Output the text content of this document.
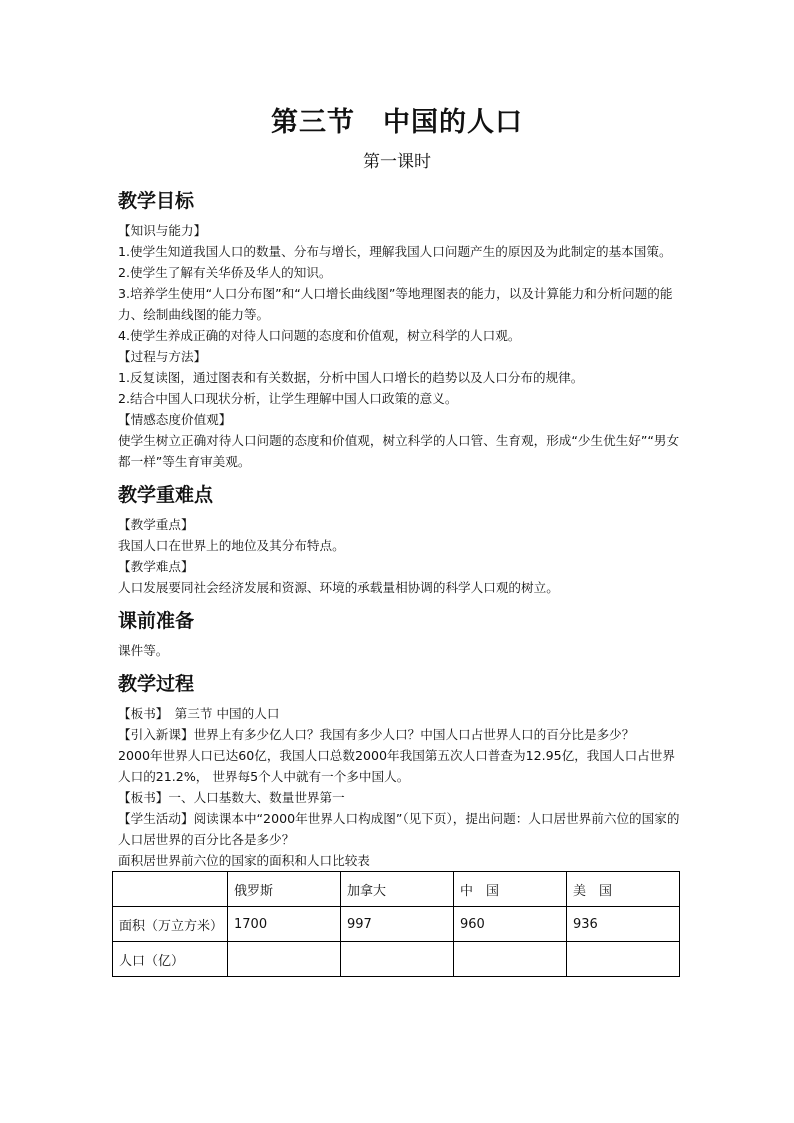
第三节　中国的人口
第一课时
教学目标
【知识与能力】
1.使学生知道我国人口的数量、分布与增长，理解我国人口问题产生的原因及为此制定的基本国策。
2.使学生了解有关华侨及华人的知识。
3.培养学生使用“人口分布图”和“人口增长曲线图”等地理图表的能力，以及计算能力和分析问题的能力、绘制曲线图的能力等。
4.使学生养成正确的对待人口问题的态度和价值观，树立科学的人口观。
【过程与方法】
1.反复读图，通过图表和有关数据，分析中国人口增长的趋势以及人口分布的规律。
2.结合中国人口现状分析，让学生理解中国人口政策的意义。
【情感态度价值观】
使学生树立正确对待人口问题的态度和价值观，树立科学的人口管、生育观，形成“少生优生好”“男女都一样”等生育审美观。
教学重难点
【教学重点】
我国人口在世界上的地位及其分布特点。
【教学难点】
人口发展要同社会经济发展和资源、环境的承载量相协调的科学人口观的树立。
课前准备
课件等。
教学过程
【板书】　第三节 中国的人口
【引入新课】世界上有多少亿人口？我国有多少人口？中国人口占世界人口的百分比是多少？
2000年世界人口已达60亿，我国人口总数2000年我国第五次人口普查为12.95亿，我国人口占世界人口的21.2%， 世界每5个人中就有一个多中国人。
【板书】一、人口基数大、数量世界第一
【学生活动】阅读课本中“2000年世界人口构成图”（见下页），提出问题：人口居世界前六位的国家的人口居世界的百分比各是多少？
面积居世界前六位的国家的面积和人口比较表
	俄罗斯	加拿大	中　国	美　国
面积（万立方米）	1700	997	960	936
人口（亿）				
